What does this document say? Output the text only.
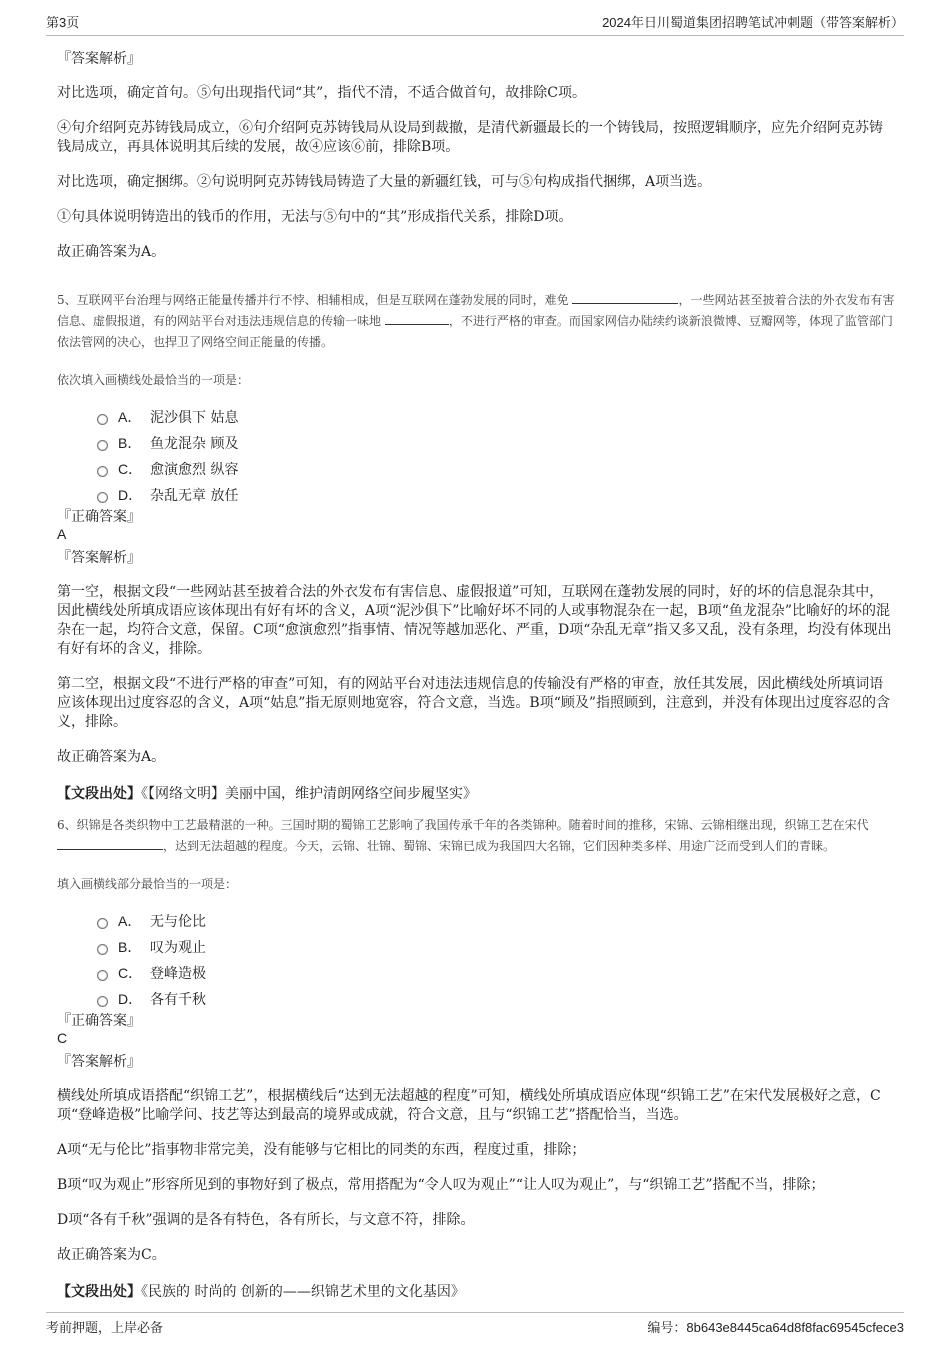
第3页	2024年日川蜀道集团招聘笔试冲刺题（带答案解析）

『答案解析』

对比选项，确定首句。⑤句出现指代词“其”，指代不清，不适合做首句，故排除C项。

④句介绍阿克苏铸钱局成立，⑥句介绍阿克苏铸钱局从设局到裁撤，是清代新疆最长的一个铸钱局，按照逻辑顺序，应先介绍阿克苏铸钱局成立，再具体说明其后续的发展，故④应该⑥前，排除B项。

对比选项，确定捆绑。②句说明阿克苏铸钱局铸造了大量的新疆红钱，可与⑤句构成指代捆绑，A项当选。

①句具体说明铸造出的钱币的作用，无法与⑤句中的“其”形成指代关系，排除D项。

故正确答案为A。

5、互联网平台治理与网络正能量传播并行不悖、相辅相成，但是互联网在蓬勃发展的同时，难免	，一些网站甚至披着合法的外衣发布有害信息、虚假报道，有的网站平台对违法违规信息的传输一味地	，不进行严格的审查。而国家网信办陆续约谈新浪微博、豆瓣网等，体现了监管部门依法管网的决心，也捍卫了网络空间正能量的传播。

依次填入画横线处最恰当的一项是：

A． 泥沙俱下 姑息
B． 鱼龙混杂 顾及
C． 愈演愈烈 纵容
D． 杂乱无章 放任

『正确答案』

A

『答案解析』

第一空，根据文段“一些网站甚至披着合法的外衣发布有害信息、虚假报道”可知，互联网在蓬勃发展的同时，好的坏的信息混杂其中，因此横线处所填成语应该体现出有好有坏的含义，A项“泥沙俱下”比喻好坏不同的人或事物混杂在一起，B项“鱼龙混杂”比喻好的坏的混杂在一起，均符合文意，保留。C项“愈演愈烈”指事情、情况等越加恶化、严重，D项“杂乱无章”指又多又乱，没有条理，均没有体现出有好有坏的含义，排除。

第二空，根据文段“不进行严格的审查”可知，有的网站平台对违法违规信息的传输没有严格的审查，放任其发展，因此横线处所填词语应该体现出过度容忍的含义，A项“姑息”指无原则地宽容，符合文意，当选。B项“顾及”指照顾到，注意到，并没有体现出过度容忍的含义，排除。

故正确答案为A。

【文段出处】《【网络文明】美丽中国，维护清朗网络空间步履坚实》

6、织锦是各类织物中工艺最精湛的一种。三国时期的蜀锦工艺影响了我国传承千年的各类锦种。随着时间的推移，宋锦、云锦相继出现，织锦工艺在宋代 ，达到无法超越的程度。今天，云锦、壮锦、蜀锦、宋锦已成为我国四大名锦，它们因种类多样、用途广泛而受到人们的青睐。

填入画横线部分最恰当的一项是：

A． 无与伦比
B． 叹为观止
C． 登峰造极
D． 各有千秋

『正确答案』

C

『答案解析』

横线处所填成语搭配“织锦工艺”，根据横线后“达到无法超越的程度”可知，横线处所填成语应体现“织锦工艺”在宋代发展极好之意，C项“登峰造极”比喻学问、技艺等达到最高的境界或成就，符合文意，且与“织锦工艺”搭配恰当，当选。

A项“无与伦比”指事物非常完美，没有能够与它相比的同类的东西，程度过重，排除；

B项“叹为观止”形容所见到的事物好到了极点，常用搭配为“令人叹为观止”“让人叹为观止”，与“织锦工艺”搭配不当，排除；

D项“各有千秋”强调的是各有特色，各有所长，与文意不符，排除。

故正确答案为C。

【文段出处】《民族的 时尚的 创新的——织锦艺术里的文化基因》

考前押题，上岸必备	编号：8b643e8445ca64d8f8fac69545cfece3
